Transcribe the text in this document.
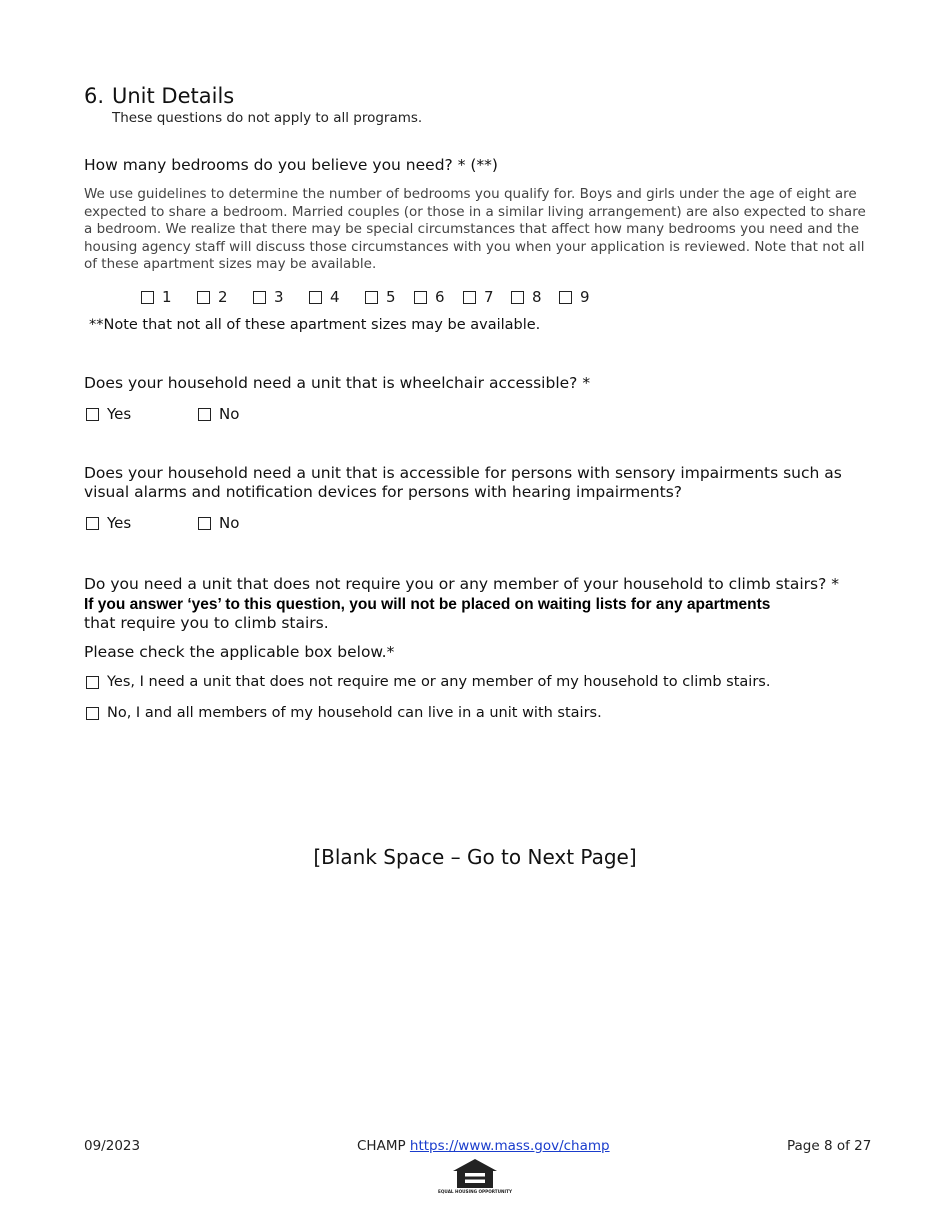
6. Unit Details
These questions do not apply to all programs.
How many bedrooms do you believe you need? * (**)
We use guidelines to determine the number of bedrooms you qualify for. Boys and girls under the age of eight are expected to share a bedroom. Married couples (or those in a similar living arrangement) are also expected to share a bedroom. We realize that there may be special circumstances that affect how many bedrooms you need and the housing agency staff will discuss those circumstances with you when your application is reviewed. Note that not all of these apartment sizes may be available.
1	2	3	4	5	6	7	8	9
**Note that not all of these apartment sizes may be available.
Does your household need a unit that is wheelchair accessible? *
Yes	No
Does your household need a unit that is accessible for persons with sensory impairments such as visual alarms and notification devices for persons with hearing impairments?
Yes	No
Do you need a unit that does not require you or any member of your household to climb stairs? *
If you answer ‘yes’ to this question, you will not be placed on waiting lists for any apartments
that require you to climb stairs.
Please check the applicable box below.*
Yes, I need a unit that does not require me or any member of my household to climb stairs.
No, I and all members of my household can live in a unit with stairs.
[Blank Space – Go to Next Page]
09/2023	CHAMP https://www.mass.gov/champ	Page 8 of 27
EQUAL HOUSING OPPORTUNITY
